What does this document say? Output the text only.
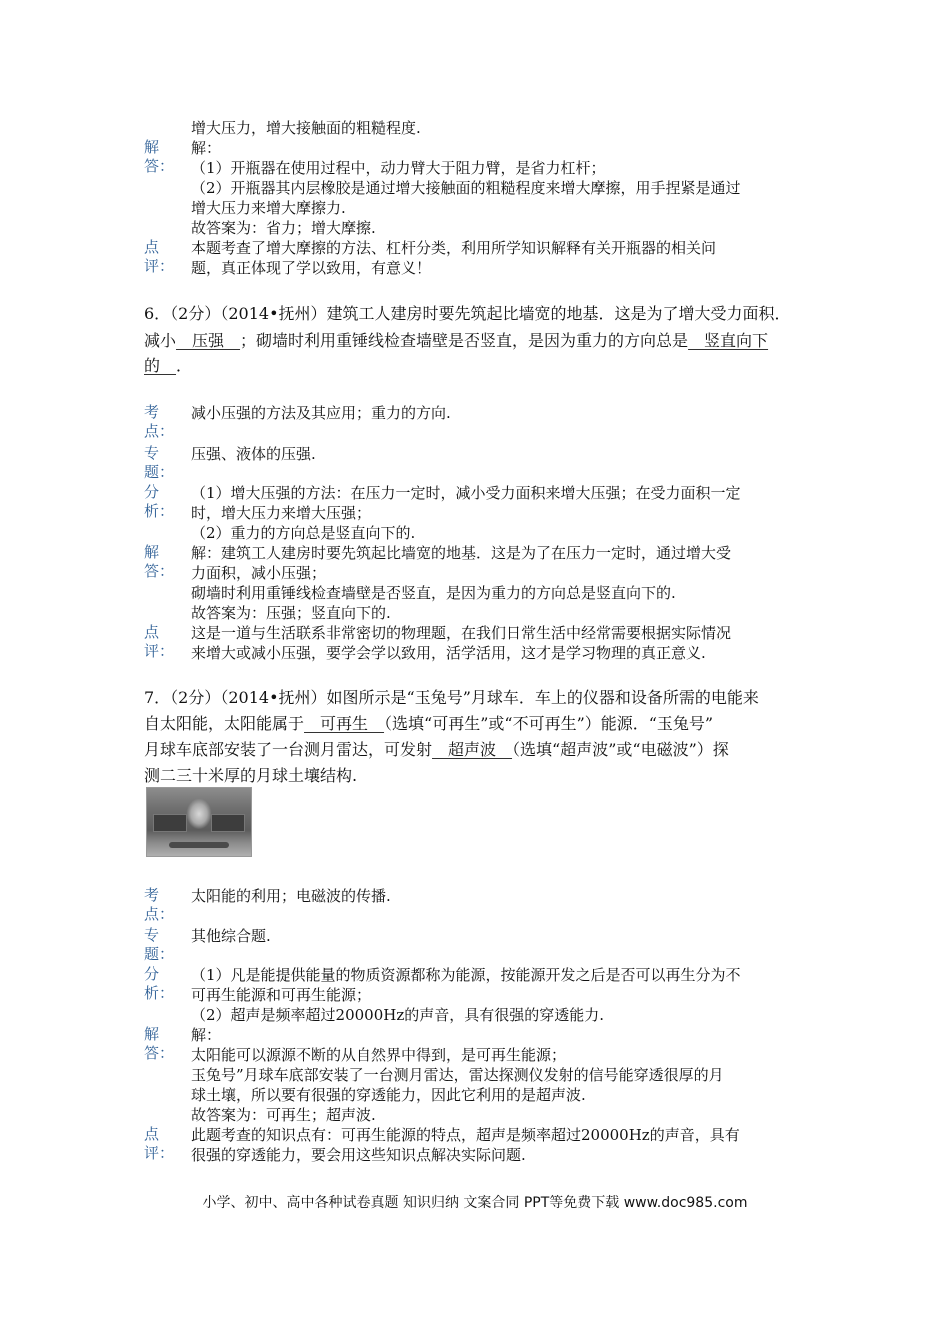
增大压力，增大接触面的粗糙程度.
解
答：
解：
（1）开瓶器在使用过程中，动力臂大于阻力臂，是省力杠杆；
（2）开瓶器其内层橡胶是通过增大接触面的粗糙程度来增大摩擦，用手捏紧是通过
增大压力来增大摩擦力.
故答案为：省力；增大摩擦.
点
评：
本题考查了增大摩擦的方法、杠杆分类，利用所学知识解释有关开瓶器的相关问
题，真正体现了学以致用，有意义！
6．（2分）（2014•抚州）建筑工人建房时要先筑起比墙宽的地基．这是为了增大受力面积．
减小　压强　；砌墙时利用重锤线检查墙壁是否竖直，是因为重力的方向总是　竖直向下
的　．
考
点：
减小压强的方法及其应用；重力的方向.
专
题：
压强、液体的压强.
分
析：
（1）增大压强的方法：在压力一定时，减小受力面积来增大压强；在受力面积一定
时，增大压力来增大压强；
（2）重力的方向总是竖直向下的.
解
答：
解：建筑工人建房时要先筑起比墙宽的地基．这是为了在压力一定时，通过增大受
力面积，减小压强；
砌墙时利用重锤线检查墙壁是否竖直，是因为重力的方向总是竖直向下的.
故答案为：压强；竖直向下的.
点
评：
这是一道与生活联系非常密切的物理题，在我们日常生活中经常需要根据实际情况
来增大或减小压强，要学会学以致用，活学活用，这才是学习物理的真正意义.
7．（2分）（2014•抚州）如图所示是“玉兔号”月球车．车上的仪器和设备所需的电能来
自太阳能，太阳能属于　可再生　（选填“可再生”或“不可再生”）能源．“玉兔号”
月球车底部安装了一台测月雷达，可发射　超声波　（选填“超声波”或“电磁波”）探
测二三十米厚的月球土壤结构.
考
点：
太阳能的利用；电磁波的传播.
专
题：
其他综合题.
分
析：
（1）凡是能提供能量的物质资源都称为能源，按能源开发之后是否可以再生分为不
可再生能源和可再生能源；
（2）超声是频率超过20000Hz的声音，具有很强的穿透能力.
解
答：
解：
太阳能可以源源不断的从自然界中得到，是可再生能源；
玉兔号”月球车底部安装了一台测月雷达，雷达探测仪发射的信号能穿透很厚的月
球土壤，所以要有很强的穿透能力，因此它利用的是超声波.
故答案为：可再生；超声波.
点
评：
此题考查的知识点有：可再生能源的特点，超声是频率超过20000Hz的声音，具有
很强的穿透能力，要会用这些知识点解决实际问题.
小学、初中、高中各种试卷真题 知识归纳 文案合同 PPT等免费下载 www.doc985.com
